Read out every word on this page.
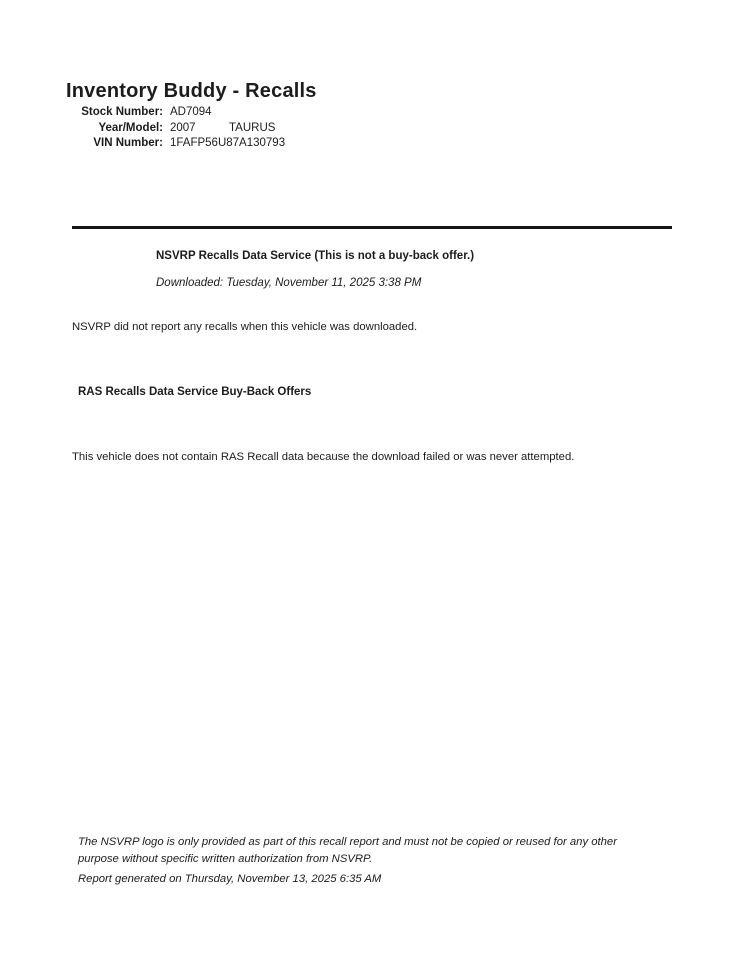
Inventory Buddy - Recalls
Stock Number: AD7094
Year/Model: 2007	TAURUS
VIN Number: 1FAFP56U87A130793
NSVRP Recalls Data Service (This is not a buy-back offer.)
Downloaded: Tuesday, November 11, 2025 3:38 PM
NSVRP did not report any recalls when this vehicle was downloaded.
RAS Recalls Data Service Buy-Back Offers
This vehicle does not contain RAS Recall data because the download failed or was never attempted.
The NSVRP logo is only provided as part of this recall report and must not be copied or reused for any other
purpose without specific written authorization from NSVRP.
Report generated on Thursday, November 13, 2025 6:35 AM
